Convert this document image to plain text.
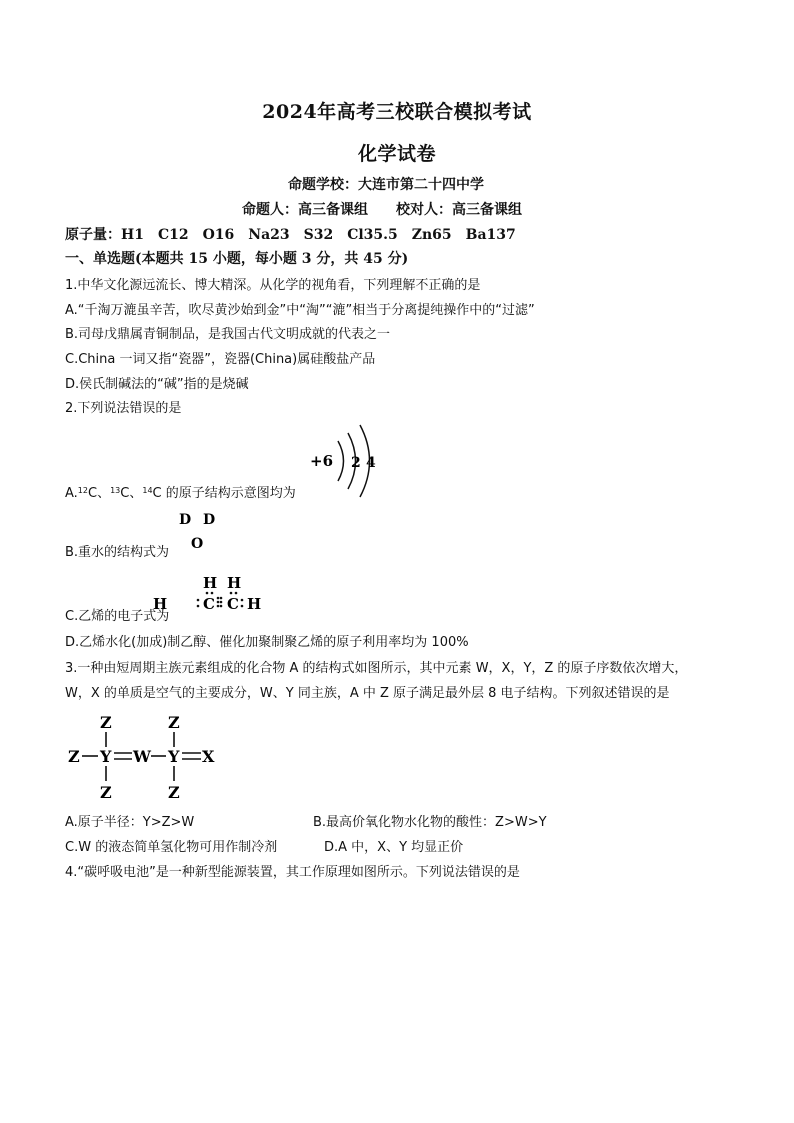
2024年高考三校联合模拟考试
化学试卷
命题学校：大连市第二十四中学
命题人：高三备课组　　校对人：高三备课组
原子量：H1　C12　O16　Na23　S32　Cl35.5　Zn65　Ba137
一、单选题(本题共 15 小题，每小题 3 分，共 45 分)
1.中华文化源远流长、博大精深。从化学的视角看，下列理解不正确的是
A.“千淘万漉虽辛苦，吹尽黄沙始到金”中“淘”“漉”相当于分离提纯操作中的“过滤”
B.司母戊鼎属青铜制品，是我国古代文明成就的代表之一
C.China 一词又指“瓷器”，瓷器(China)属硅酸盐产品
D.侯氏制碱法的“碱”指的是烧碱
2.下列说法错误的是
A.$^{12}$C、$^{13}$C、$^{14}$C 的原子结构示意图均为
+6 2 4
D D
O
B.重水的结构式为
H H
H C C H
C.乙烯的电子式为
D.乙烯水化(加成)制乙醇、催化加聚制聚乙烯的原子利用率均为 100%
3.一种由短周期主族元素组成的化合物 A 的结构式如图所示，其中元素 W，X，Y，Z 的原子序数依次增大，
W，X 的单质是空气的主要成分，W、Y 同主族，A 中 Z 原子满足最外层 8 电子结构。下列叙述错误的是
Z	Z
Z Y W Y X
Z	Z
A.原子半径：Y>Z>W	B.最高价氧化物水化物的酸性：Z>W>Y
C.W 的液态简单氢化物可用作制冷剂	D.A 中，X、Y 均显正价
4.“碳呼吸电池”是一种新型能源装置，其工作原理如图所示。下列说法错误的是
